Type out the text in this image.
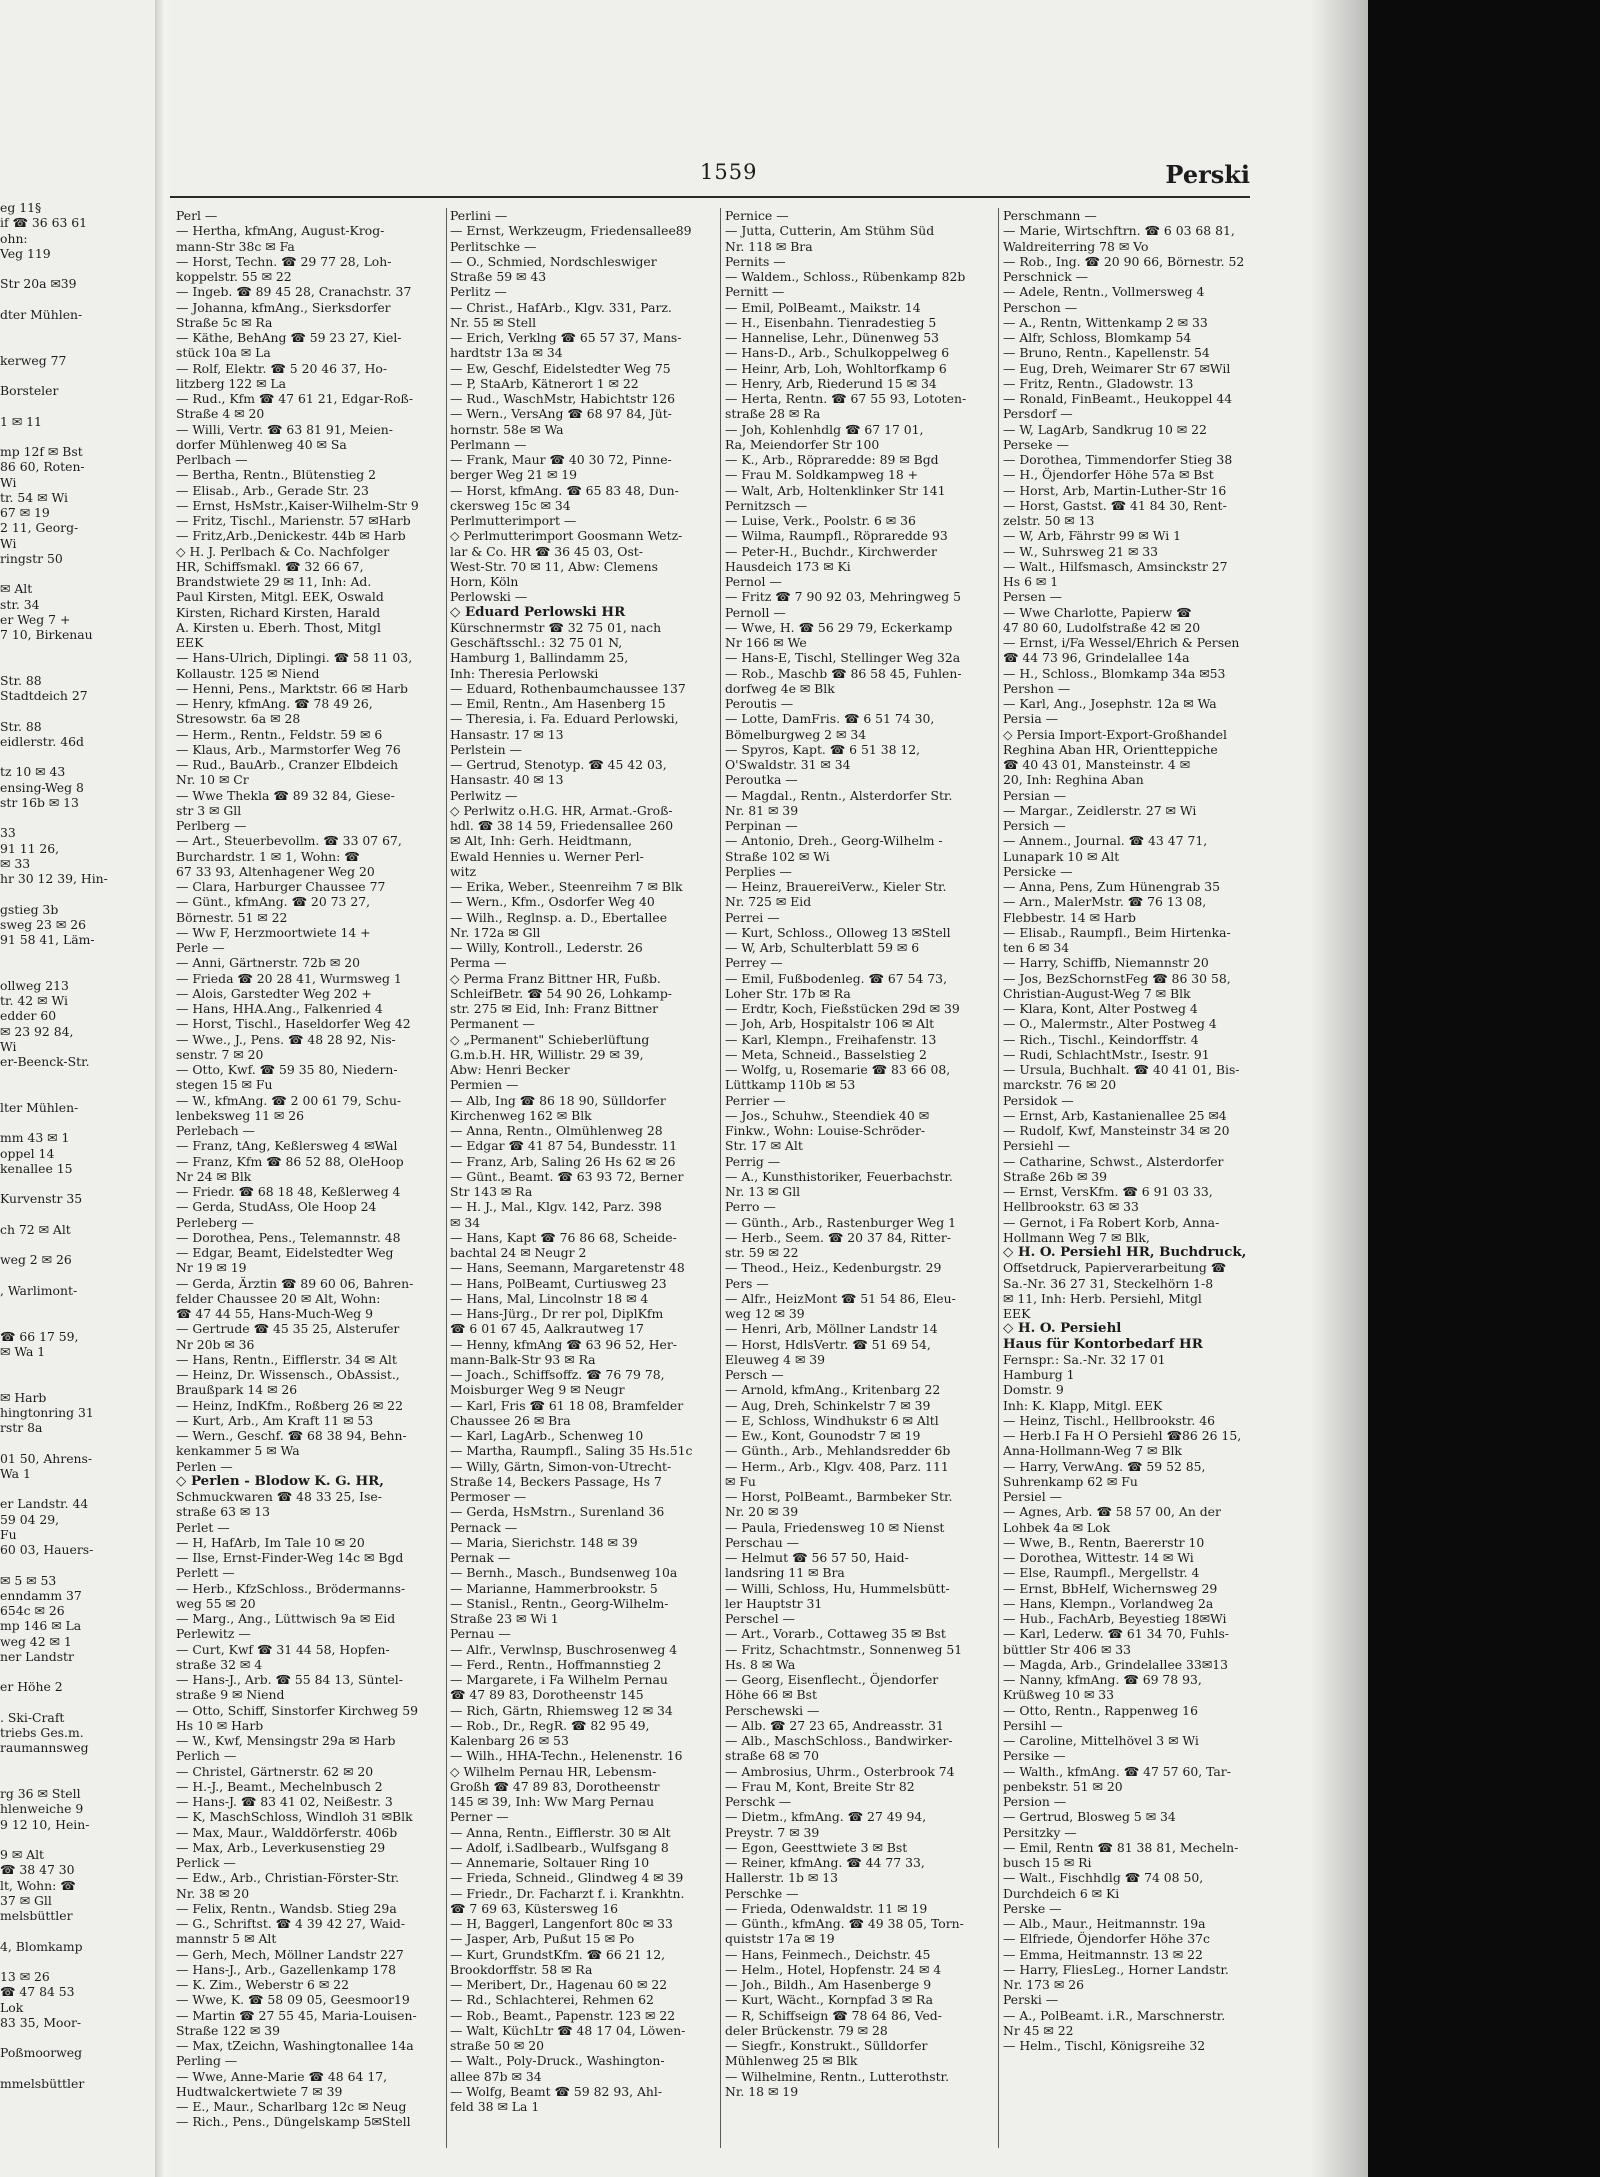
eg 11§
if ☎ 36 63 61
ohn:
Veg 119

Str 20a ✉39

dter Mühlen-

kerweg 77

Borsteler

1 ✉ 11

mp 12f ✉ Bst
86 60, Roten-
Wi
tr. 54 ✉ Wi
67 ✉ 19
2 11, Georg-
Wi
ringstr 50

✉ Alt
str. 34
er Weg 7 +
7 10, Birkenau

Str. 88
Stadtdeich 27

Str. 88
eidlerstr. 46d

tz 10 ✉ 43
ensing-Weg 8
str 16b ✉ 13

33
91 11 26,
✉ 33
hr 30 12 39, Hin-

gstieg 3b
sweg 23 ✉ 26
91 58 41, Läm-

ollweg 213
tr. 42 ✉ Wi
edder 60
✉ 23 92 84,
Wi
er-Beenck-Str.

lter Mühlen-

mm 43 ✉ 1
oppel 14
kenallee 15

Kurvenstr 35

ch 72 ✉ Alt

weg 2 ✉ 26

, Warlimont-

☎ 66 17 59,
✉ Wa 1

✉ Harb
hingtonring 31
rstr 8a

01 50, Ahrens-
Wa 1

er Landstr. 44
59 04 29,
Fu
60 03, Hauers-

✉ 5 ✉ 53
enndamm 37
654c ✉ 26
mp 146 ✉ La
weg 42 ✉ 1
ner Landstr

er Höhe 2

. Ski-Craft
triebs Ges.m.
raumannsweg

rg 36 ✉ Stell
hlenweiche 9
9 12 10, Hein-

9 ✉ Alt
☎ 38 47 30
lt, Wohn: ☎
37 ✉ Gll
melsbüttler

4, Blomkamp

13 ✉ 26
☎ 47 84 53
Lok
83 35, Moor-

Poßmoorweg

mmelsbüttler
1559	Perski
Perl —
— Hertha, kfmAng, August-Krog-
mann-Str 38c ✉ Fa
— Horst, Techn. ☎ 29 77 28, Loh-
koppelstr. 55 ✉ 22
— Ingeb. ☎ 89 45 28, Cranachstr. 37
— Johanna, kfmAng., Sierksdorfer
Straße 5c ✉ Ra
— Käthe, BehAng ☎ 59 23 27, Kiel-
stück 10a ✉ La
— Rolf, Elektr. ☎ 5 20 46 37, Ho-
litzberg 122 ✉ La
— Rud., Kfm ☎ 47 61 21, Edgar-Roß-
Straße 4 ✉ 20
— Willi, Vertr. ☎ 63 81 91, Meien-
dorfer Mühlenweg 40 ✉ Sa
Perlbach —
— Bertha, Rentn., Blütenstieg 2
— Elisab., Arb., Gerade Str. 23
— Ernst, HsMstr.,Kaiser-Wilhelm-Str 9
— Fritz, Tischl., Marienstr. 57 ✉Harb
— Fritz,Arb.,Denickestr. 44b ✉ Harb
◇ H. J. Perlbach & Co. Nachfolger
HR, Schiffsmakl. ☎ 32 66 67,
Brandstwiete 29 ✉ 11, Inh: Ad.
Paul Kirsten, Mitgl. EEK, Oswald
Kirsten, Richard Kirsten, Harald
A. Kirsten u. Eberh. Thost, Mitgl
EEK
— Hans-Ulrich, Diplingi. ☎ 58 11 03,
Kollaustr. 125 ✉ Niend
— Henni, Pens., Marktstr. 66 ✉ Harb
— Henry, kfmAng. ☎ 78 49 26,
Stresowstr. 6a ✉ 28
— Herm., Rentn., Feldstr. 59 ✉ 6
— Klaus, Arb., Marmstorfer Weg 76
— Rud., BauArb., Cranzer Elbdeich
Nr. 10 ✉ Cr
— Wwe Thekla ☎ 89 32 84, Giese-
str 3 ✉ Gll
Perlberg —
— Art., Steuerbevollm. ☎ 33 07 67,
Burchardstr. 1 ✉ 1, Wohn: ☎
67 33 93, Altenhagener Weg 20
— Clara, Harburger Chaussee 77
— Günt., kfmAng. ☎ 20 73 27,
Börnestr. 51 ✉ 22
— Ww F, Herzmoortwiete 14 +
Perle —
— Anni, Gärtnerstr. 72b ✉ 20
— Frieda ☎ 20 28 41, Wurmsweg 1
— Alois, Garstedter Weg 202 +
— Hans, HHA.Ang., Falkenried 4
— Horst, Tischl., Haseldorfer Weg 42
— Wwe., J., Pens. ☎ 48 28 92, Nis-
senstr. 7 ✉ 20
— Otto, Kwf. ☎ 59 35 80, Niedern-
stegen 15 ✉ Fu
— W., kfmAng. ☎ 2 00 61 79, Schu-
lenbeksweg 11 ✉ 26
Perlebach —
— Franz, tAng, Keßlersweg 4 ✉Wal
— Franz, Kfm ☎ 86 52 88, OleHoop
Nr 24 ✉ Blk
— Friedr. ☎ 68 18 48, Keßlerweg 4
— Gerda, StudAss, Ole Hoop 24
Perleberg —
— Dorothea, Pens., Telemannstr. 48
— Edgar, Beamt, Eidelstedter Weg
Nr 19 ✉ 19
— Gerda, Ärztin ☎ 89 60 06, Bahren-
felder Chaussee 20 ✉ Alt, Wohn:
☎ 47 44 55, Hans-Much-Weg 9
— Gertrude ☎ 45 35 25, Alsterufer
Nr 20b ✉ 36
— Hans, Rentn., Eifflerstr. 34 ✉ Alt
— Heinz, Dr. Wissensch., ObAssist.,
Braußpark 14 ✉ 26
— Heinz, IndKfm., Roßberg 26 ✉ 22
— Kurt, Arb., Am Kraft 11 ✉ 53
— Wern., Geschf. ☎ 68 38 94, Behn-
kenkammer 5 ✉ Wa
Perlen —
◇ Perlen - Blodow K. G. HR,
Schmuckwaren ☎ 48 33 25, Ise-
straße 63 ✉ 13
Perlet —
— H, HafArb, Im Tale 10 ✉ 20
— Ilse, Ernst-Finder-Weg 14c ✉ Bgd
Perlett —
— Herb., KfzSchloss., Brödermanns-
weg 55 ✉ 20
— Marg., Ang., Lüttwisch 9a ✉ Eid
Perlewitz —
— Curt, Kwf ☎ 31 44 58, Hopfen-
straße 32 ✉ 4
— Hans-J., Arb. ☎ 55 84 13, Süntel-
straße 9 ✉ Niend
— Otto, Schiff, Sinstorfer Kirchweg 59
Hs 10 ✉ Harb
— W., Kwf, Mensingstr 29a ✉ Harb
Perlich —
— Christel, Gärtnerstr. 62 ✉ 20
— H.-J., Beamt., Mechelnbusch 2
— Hans-J. ☎ 83 41 02, Neißestr. 3
— K, MaschSchloss, Windloh 31 ✉Blk
— Max, Maur., Walddörferstr. 406b
— Max, Arb., Leverkusenstieg 29
Perlick —
— Edw., Arb., Christian-Förster-Str.
Nr. 38 ✉ 20
— Felix, Rentn., Wandsb. Stieg 29a
— G., Schriftst. ☎ 4 39 42 27, Waid-
mannstr 5 ✉ Alt
— Gerh, Mech, Möllner Landstr 227
— Hans-J., Arb., Gazellenkamp 178
— K. Zim., Weberstr 6 ✉ 22
— Wwe, K. ☎ 58 09 05, Geesmoor19
— Martin ☎ 27 55 45, Maria-Louisen-
Straße 122 ✉ 39
— Max, tZeichn, Washingtonallee 14a
Perling —
— Wwe, Anne-Marie ☎ 48 64 17,
Hudtwalckertwiete 7 ✉ 39
— E., Maur., Scharlbarg 12c ✉ Neug
— Rich., Pens., Düngelskamp 5✉Stell
Perlini —
— Ernst, Werkzeugm, Friedensallee89
Perlitschke —
— O., Schmied, Nordschleswiger
Straße 59 ✉ 43
Perlitz —
— Christ., HafArb., Klgv. 331, Parz.
Nr. 55 ✉ Stell
— Erich, Verklng ☎ 65 57 37, Mans-
hardtstr 13a ✉ 34
— Ew, Geschf, Eidelstedter Weg 75
— P, StaArb, Kätnerort 1 ✉ 22
— Rud., WaschMstr, Habichtstr 126
— Wern., VersAng ☎ 68 97 84, Jüt-
hornstr. 58e ✉ Wa
Perlmann —
— Frank, Maur ☎ 40 30 72, Pinne-
berger Weg 21 ✉ 19
— Horst, kfmAng. ☎ 65 83 48, Dun-
ckersweg 15c ✉ 34
Perlmutterimport —
◇ Perlmutterimport Goosmann Wetz-
lar & Co. HR ☎ 36 45 03, Ost-
West-Str. 70 ✉ 11, Abw: Clemens
Horn, Köln
Perlowski —
◇ Eduard Perlowski HR
Kürschnermstr ☎ 32 75 01, nach
Geschäftsschl.: 32 75 01 N,
Hamburg 1, Ballindamm 25,
Inh: Theresia Perlowski
— Eduard, Rothenbaumchaussee 137
— Emil, Rentn., Am Hasenberg 15
— Theresia, i. Fa. Eduard Perlowski,
Hansastr. 17 ✉ 13
Perlstein —
— Gertrud, Stenotyp. ☎ 45 42 03,
Hansastr. 40 ✉ 13
Perlwitz —
◇ Perlwitz o.H.G. HR, Armat.-Groß-
hdl. ☎ 38 14 59, Friedensallee 260
✉ Alt, Inh: Gerh. Heidtmann,
Ewald Hennies u. Werner Perl-
witz
— Erika, Weber., Steenreihm 7 ✉ Blk
— Wern., Kfm., Osdorfer Weg 40
— Wilh., Reglnsp. a. D., Ebertallee
Nr. 172a ✉ Gll
— Willy, Kontroll., Lederstr. 26
Perma —
◇ Perma Franz Bittner HR, Fußb.
SchleifBetr. ☎ 54 90 26, Lohkamp-
str. 275 ✉ Eid, Inh: Franz Bittner
Permanent —
◇ „Permanent" Schieberlüftung
G.m.b.H. HR, Willistr. 29 ✉ 39,
Abw: Henri Becker
Permien —
— Alb, Ing ☎ 86 18 90, Sülldorfer
Kirchenweg 162 ✉ Blk
— Anna, Rentn., Olmühlenweg 28
— Edgar ☎ 41 87 54, Bundesstr. 11
— Franz, Arb, Saling 26 Hs 62 ✉ 26
— Günt., Beamt. ☎ 63 93 72, Berner
Str 143 ✉ Ra
— H. J., Mal., Klgv. 142, Parz. 398
✉ 34
— Hans, Kapt ☎ 76 86 68, Scheide-
bachtal 24 ✉ Neugr 2
— Hans, Seemann, Margaretenstr 48
— Hans, PolBeamt, Curtiusweg 23
— Hans, Mal, Lincolnstr 18 ✉ 4
— Hans-Jürg., Dr rer pol, DiplKfm
☎ 6 01 67 45, Aalkrautweg 17
— Henny, kfmAng ☎ 63 96 52, Her-
mann-Balk-Str 93 ✉ Ra
— Joach., Schiffsoffz. ☎ 76 79 78,
Moisburger Weg 9 ✉ Neugr
— Karl, Fris ☎ 61 18 08, Bramfelder
Chaussee 26 ✉ Bra
— Karl, LagArb., Schenweg 10
— Martha, Raumpfl., Saling 35 Hs.51c
— Willy, Gärtn, Simon-von-Utrecht-
Straße 14, Beckers Passage, Hs 7
Permoser —
— Gerda, HsMstrn., Surenland 36
Pernack —
— Maria, Sierichstr. 148 ✉ 39
Pernak —
— Bernh., Masch., Bundsenweg 10a
— Marianne, Hammerbrookstr. 5
— Stanisl., Rentn., Georg-Wilhelm-
Straße 23 ✉ Wi 1
Pernau —
— Alfr., Verwlnsp, Buschrosenweg 4
— Ferd., Rentn., Hoffmannstieg 2
— Margarete, i Fa Wilhelm Pernau
☎ 47 89 83, Dorotheenstr 145
— Rich, Gärtn, Rhiemsweg 12 ✉ 34
— Rob., Dr., RegR. ☎ 82 95 49,
Kalenbarg 26 ✉ 53
— Wilh., HHA-Techn., Helenenstr. 16
◇ Wilhelm Pernau HR, Lebensm-
Großh ☎ 47 89 83, Dorotheenstr
145 ✉ 39, Inh: Ww Marg Pernau
Perner —
— Anna, Rentn., Eifflerstr. 30 ✉ Alt
— Adolf, i.Sadlbearb., Wulfsgang 8
— Annemarie, Soltauer Ring 10
— Frieda, Schneid., Glindweg 4 ✉ 39
— Friedr., Dr. Facharzt f. i. Krankhtn.
☎ 7 69 63, Küstersweg 16
— H, Baggerl, Langenfort 80c ✉ 33
— Jasper, Arb, Pußut 15 ✉ Po
— Kurt, GrundstKfm. ☎ 66 21 12,
Brookdorffstr. 58 ✉ Ra
— Meribert, Dr., Hagenau 60 ✉ 22
— Rd., Schlachterei, Rehmen 62
— Rob., Beamt., Papenstr. 123 ✉ 22
— Walt, KüchLtr ☎ 48 17 04, Löwen-
straße 50 ✉ 20
— Walt., Poly-Druck., Washington-
allee 87b ✉ 34
— Wolfg, Beamt ☎ 59 82 93, Ahl-
feld 38 ✉ La 1
Pernice —
— Jutta, Cutterin, Am Stühm Süd
Nr. 118 ✉ Bra
Pernits —
— Waldem., Schloss., Rübenkamp 82b
Pernitt —
— Emil, PolBeamt., Maikstr. 14
— H., Eisenbahn. Tienradestieg 5
— Hannelise, Lehr., Dünenweg 53
— Hans-D., Arb., Schulkoppelweg 6
— Heinr, Arb, Loh, Wohltorfkamp 6
— Henry, Arb, Riederund 15 ✉ 34
— Herta, Rentn. ☎ 67 55 93, Lototen-
straße 28 ✉ Ra
— Joh, Kohlenhdlg ☎ 67 17 01,
Ra, Meiendorfer Str 100
— K., Arb., Röpraredde: 89 ✉ Bgd
— Frau M. Soldkampweg 18 +
— Walt, Arb, Holtenklinker Str 141
Pernitzsch —
— Luise, Verk., Poolstr. 6 ✉ 36
— Wilma, Raumpfl., Röpraredde 93
— Peter-H., Buchdr., Kirchwerder
Hausdeich 173 ✉ Ki
Pernol —
— Fritz ☎ 7 90 92 03, Mehringweg 5
Pernoll —
— Wwe, H. ☎ 56 29 79, Eckerkamp
Nr 166 ✉ We
— Hans-E, Tischl, Stellinger Weg 32a
— Rob., Maschb ☎ 86 58 45, Fuhlen-
dorfweg 4e ✉ Blk
Peroutis —
— Lotte, DamFris. ☎ 6 51 74 30,
Bömelburgweg 2 ✉ 34
— Spyros, Kapt. ☎ 6 51 38 12,
O'Swaldstr. 31 ✉ 34
Peroutka —
— Magdal., Rentn., Alsterdorfer Str.
Nr. 81 ✉ 39
Perpinan —
— Antonio, Dreh., Georg-Wilhelm -
Straße 102 ✉ Wi
Perplies —
— Heinz, BrauereiVerw., Kieler Str.
Nr. 725 ✉ Eid
Perrei —
— Kurt, Schloss., Olloweg 13 ✉Stell
— W, Arb, Schulterblatt 59 ✉ 6
Perrey —
— Emil, Fußbodenleg. ☎ 67 54 73,
Loher Str. 17b ✉ Ra
— Erdtr, Koch, Fießstücken 29d ✉ 39
— Joh, Arb, Hospitalstr 106 ✉ Alt
— Karl, Klempn., Freihafenstr. 13
— Meta, Schneid., Basselstieg 2
— Wolfg, u, Rosemarie ☎ 83 66 08,
Lüttkamp 110b ✉ 53
Perrier —
— Jos., Schuhw., Steendiek 40 ✉
Finkw., Wohn: Louise-Schröder-
Str. 17 ✉ Alt
Perrig —
— A., Kunsthistoriker, Feuerbachstr.
Nr. 13 ✉ Gll
Perro —
— Günth., Arb., Rastenburger Weg 1
— Herb., Seem. ☎ 20 37 84, Ritter-
str. 59 ✉ 22
— Theod., Heiz., Kedenburgstr. 29
Pers —
— Alfr., HeizMont ☎ 51 54 86, Eleu-
weg 12 ✉ 39
— Henri, Arb, Möllner Landstr 14
— Horst, HdlsVertr. ☎ 51 69 54,
Eleuweg 4 ✉ 39
Persch —
— Arnold, kfmAng., Kritenbarg 22
— Aug, Dreh, Schinkelstr 7 ✉ 39
— E, Schloss, Windhukstr 6 ✉ Altl
— Ew., Kont, Gounodstr 7 ✉ 19
— Günth., Arb., Mehlandsredder 6b
— Herm., Arb., Klgv. 408, Parz. 111
✉ Fu
— Horst, PolBeamt., Barmbeker Str.
Nr. 20 ✉ 39
— Paula, Friedensweg 10 ✉ Nienst
Perschau —
— Helmut ☎ 56 57 50, Haid-
landsring 11 ✉ Bra
— Willi, Schloss, Hu, Hummelsbütt-
ler Hauptstr 31
Perschel —
— Art., Vorarb., Cottaweg 35 ✉ Bst
— Fritz, Schachtmstr., Sonnenweg 51
Hs. 8 ✉ Wa
— Georg, Eisenflecht., Öjendorfer
Höhe 66 ✉ Bst
Perschewski —
— Alb. ☎ 27 23 65, Andreasstr. 31
— Alb., MaschSchloss., Bandwirker-
straße 68 ✉ 70
— Ambrosius, Uhrm., Osterbrook 74
— Frau M, Kont, Breite Str 82
Perschk —
— Dietm., kfmAng. ☎ 27 49 94,
Preystr. 7 ✉ 39
— Egon, Geesttwiete 3 ✉ Bst
— Reiner, kfmAng. ☎ 44 77 33,
Hallerstr. 1b ✉ 13
Perschke —
— Frieda, Odenwaldstr. 11 ✉ 19
— Günth., kfmAng. ☎ 49 38 05, Torn-
quiststr 17a ✉ 19
— Hans, Feinmech., Deichstr. 45
— Helm., Hotel, Hopfenstr. 24 ✉ 4
— Joh., Bildh., Am Hasenberge 9
— Kurt, Wächt., Kornpfad 3 ✉ Ra
— R, Schiffseign ☎ 78 64 86, Ved-
deler Brückenstr. 79 ✉ 28
— Siegfr., Konstrukt., Sülldorfer
Mühlenweg 25 ✉ Blk
— Wilhelmine, Rentn., Lutterothstr.
Nr. 18 ✉ 19
Perschmann —
— Marie, Wirtschftrn. ☎ 6 03 68 81,
Waldreiterring 78 ✉ Vo
— Rob., Ing. ☎ 20 90 66, Börnestr. 52
Perschnick —
— Adele, Rentn., Vollmersweg 4
Perschon —
— A., Rentn, Wittenkamp 2 ✉ 33
— Alfr, Schloss, Blomkamp 54
— Bruno, Rentn., Kapellenstr. 54
— Eug, Dreh, Weimarer Str 67 ✉Wil
— Fritz, Rentn., Gladowstr. 13
— Ronald, FinBeamt., Heukoppel 44
Persdorf —
— W, LagArb, Sandkrug 10 ✉ 22
Perseke —
— Dorothea, Timmendorfer Stieg 38
— H., Öjendorfer Höhe 57a ✉ Bst
— Horst, Arb, Martin-Luther-Str 16
— Horst, Gastst. ☎ 41 84 30, Rent-
zelstr. 50 ✉ 13
— W, Arb, Fährstr 99 ✉ Wi 1
— W., Suhrsweg 21 ✉ 33
— Walt., Hilfsmasch, Amsinckstr 27
Hs 6 ✉ 1
Persen —
— Wwe Charlotte, Papierw ☎
47 80 60, Ludolfstraße 42 ✉ 20
— Ernst, i/Fa Wessel/Ehrich & Persen
☎ 44 73 96, Grindelallee 14a
— H., Schloss., Blomkamp 34a ✉53
Pershon —
— Karl, Ang., Josephstr. 12a ✉ Wa
Persia —
◇ Persia Import-Export-Großhandel
Reghina Aban HR, Orientteppiche
☎ 40 43 01, Mansteinstr. 4 ✉
20, Inh: Reghina Aban
Persian —
— Margar., Zeidlerstr. 27 ✉ Wi
Persich —
— Annem., Journal. ☎ 43 47 71,
Lunapark 10 ✉ Alt
Persicke —
— Anna, Pens, Zum Hünengrab 35
— Arn., MalerMstr. ☎ 76 13 08,
Flebbestr. 14 ✉ Harb
— Elisab., Raumpfl., Beim Hirtenka-
ten 6 ✉ 34
— Harry, Schiffb, Niemannstr 20
— Jos, BezSchornstFeg ☎ 86 30 58,
Christian-August-Weg 7 ✉ Blk
— Klara, Kont, Alter Postweg 4
— O., Malermstr., Alter Postweg 4
— Rich., Tischl., Keindorffstr. 4
— Rudi, SchlachtMstr., Isestr. 91
— Ursula, Buchhalt. ☎ 40 41 01, Bis-
marckstr. 76 ✉ 20
Persidok —
— Ernst, Arb, Kastanienallee 25 ✉4
— Rudolf, Kwf, Mansteinstr 34 ✉ 20
Persiehl —
— Catharine, Schwst., Alsterdorfer
Straße 26b ✉ 39
— Ernst, VersKfm. ☎ 6 91 03 33,
Hellbrookstr. 63 ✉ 33
— Gernot, i Fa Robert Korb, Anna-
Hollmann Weg 7 ✉ Blk,
◇ H. O. Persiehl HR, Buchdruck,
Offsetdruck, Papierverarbeitung ☎
Sa.-Nr. 36 27 31, Steckelhörn 1-8
✉ 11, Inh: Herb. Persiehl, Mitgl
EEK
◇ H. O. Persiehl
Haus für Kontorbedarf HR
Fernspr.: Sa.-Nr. 32 17 01
Hamburg 1
Domstr. 9
Inh: K. Klapp, Mitgl. EEK
— Heinz, Tischl., Hellbrookstr. 46
— Herb.I Fa H O Persiehl ☎86 26 15,
Anna-Hollmann-Weg 7 ✉ Blk
— Harry, VerwAng. ☎ 59 52 85,
Suhrenkamp 62 ✉ Fu
Persiel —
— Agnes, Arb. ☎ 58 57 00, An der
Lohbek 4a ✉ Lok
— Wwe, B., Rentn, Baererstr 10
— Dorothea, Wittestr. 14 ✉ Wi
— Else, Raumpfl., Mergellstr. 4
— Ernst, BbHelf, Wichernsweg 29
— Hans, Klempn., Vorlandweg 2a
— Hub., FachArb, Beyestieg 18✉Wi
— Karl, Lederw. ☎ 61 34 70, Fuhls-
büttler Str 406 ✉ 33
— Magda, Arb., Grindelallee 33✉13
— Nanny, kfmAng. ☎ 69 78 93,
Krüßweg 10 ✉ 33
— Otto, Rentn., Rappenweg 16
Persihl —
— Caroline, Mittelhövel 3 ✉ Wi
Persike —
— Walth., kfmAng. ☎ 47 57 60, Tar-
penbekstr. 51 ✉ 20
Persion —
— Gertrud, Blosweg 5 ✉ 34
Persitzky —
— Emil, Rentn ☎ 81 38 81, Mecheln-
busch 15 ✉ Ri
— Walt., Fischhdlg ☎ 74 08 50,
Durchdeich 6 ✉ Ki
Perske —
— Alb., Maur., Heitmannstr. 19a
— Elfriede, Öjendorfer Höhe 37c
— Emma, Heitmannstr. 13 ✉ 22
— Harry, FliesLeg., Horner Landstr.
Nr. 173 ✉ 26
Perski —
— A., PolBeamt. i.R., Marschnerstr.
Nr 45 ✉ 22
— Helm., Tischl, Königsreihe 32
